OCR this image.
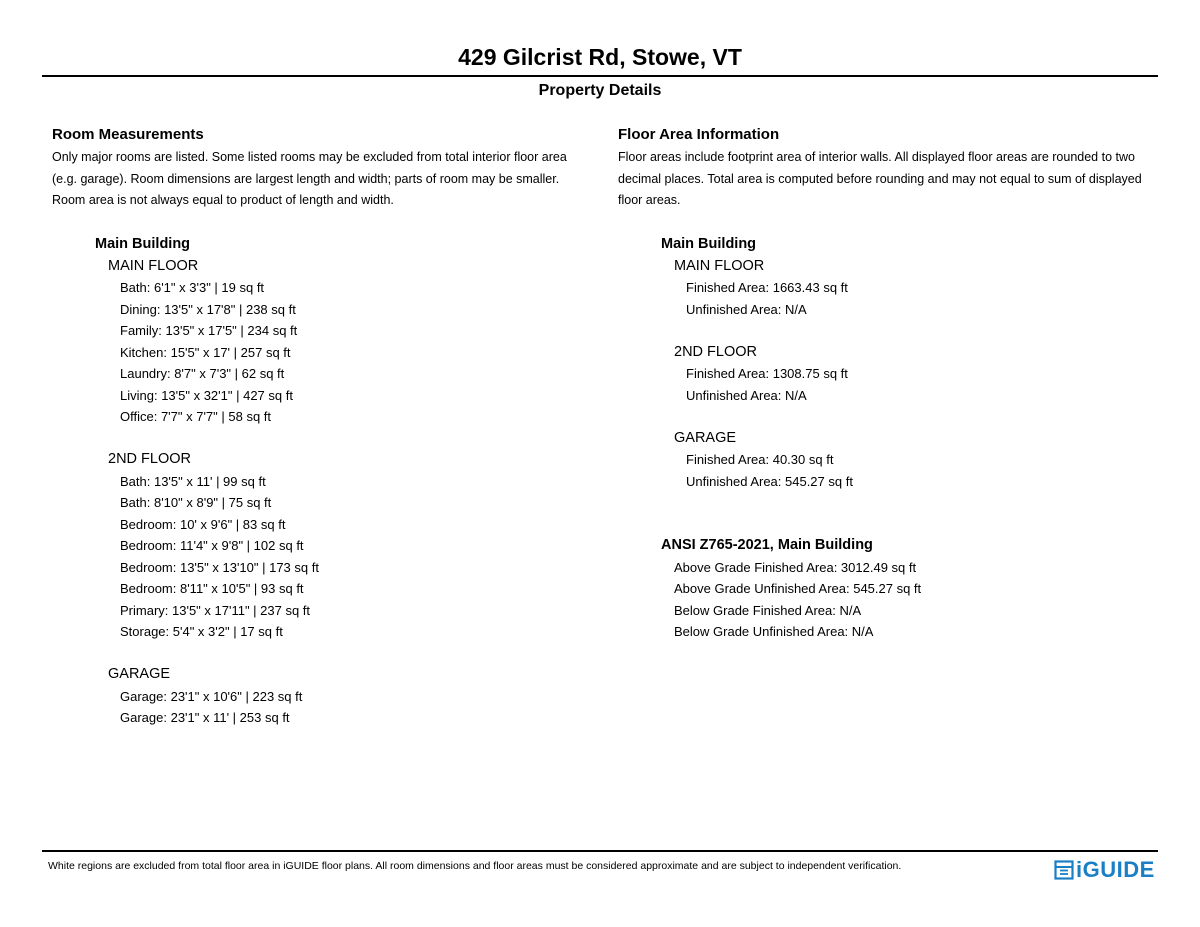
429 Gilcrist Rd, Stowe, VT
Property Details
Room Measurements
Only major rooms are listed. Some listed rooms may be excluded from total interior floor area (e.g. garage). Room dimensions are largest length and width; parts of room may be smaller. Room area is not always equal to product of length and width.
Main Building
MAIN FLOOR
Bath: 6'1" x 3'3" | 19 sq ft
Dining: 13'5" x 17'8" | 238 sq ft
Family: 13'5" x 17'5" | 234 sq ft
Kitchen: 15'5" x 17' | 257 sq ft
Laundry: 8'7" x 7'3" | 62 sq ft
Living: 13'5" x 32'1" | 427 sq ft
Office: 7'7" x 7'7" | 58 sq ft
2ND FLOOR
Bath: 13'5" x 11' | 99 sq ft
Bath: 8'10" x 8'9" | 75 sq ft
Bedroom: 10' x 9'6" | 83 sq ft
Bedroom: 11'4" x 9'8" | 102 sq ft
Bedroom: 13'5" x 13'10" | 173 sq ft
Bedroom: 8'11" x 10'5" | 93 sq ft
Primary: 13'5" x 17'11" | 237 sq ft
Storage: 5'4" x 3'2" | 17 sq ft
GARAGE
Garage: 23'1" x 10'6" | 223 sq ft
Garage: 23'1" x 11' | 253 sq ft
Floor Area Information
Floor areas include footprint area of interior walls. All displayed floor areas are rounded to two decimal places. Total area is computed before rounding and may not equal to sum of displayed floor areas.
Main Building
MAIN FLOOR
Finished Area: 1663.43 sq ft
Unfinished Area: N/A
2ND FLOOR
Finished Area: 1308.75 sq ft
Unfinished Area: N/A
GARAGE
Finished Area: 40.30 sq ft
Unfinished Area: 545.27 sq ft
ANSI Z765-2021, Main Building
Above Grade Finished Area: 3012.49 sq ft
Above Grade Unfinished Area: 545.27 sq ft
Below Grade Finished Area: N/A
Below Grade Unfinished Area: N/A
White regions are excluded from total floor area in iGUIDE floor plans. All room dimensions and floor areas must be considered approximate and are subject to independent verification.	iGUIDE
